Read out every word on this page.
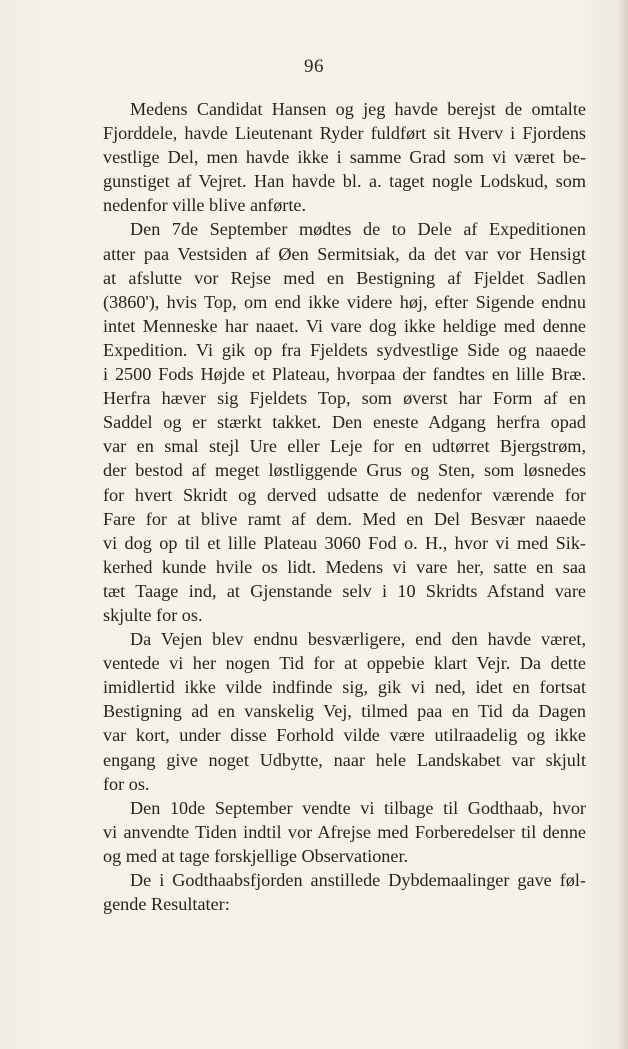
96

Medens Candidat Hansen og jeg havde berejst de omtalte
Fjorddele, havde Lieutenant Ryder fuldført sit Hverv i Fjordens
vestlige Del, men havde ikke i samme Grad som vi været be-
gunstiget af Vejret. Han havde bl. a. taget nogle Lodskud, som
nedenfor ville blive anførte.

Den 7de September mødtes de to Dele af Expeditionen
atter paa Vestsiden af Øen Sermitsiak, da det var vor Hensigt
at afslutte vor Rejse med en Bestigning af Fjeldet Sadlen
(3860'), hvis Top, om end ikke videre høj, efter Sigende endnu
intet Menneske har naaet. Vi vare dog ikke heldige med denne
Expedition. Vi gik op fra Fjeldets sydvestlige Side og naaede
i 2500 Fods Højde et Plateau, hvorpaa der fandtes en lille Bræ.
Herfra hæver sig Fjeldets Top, som øverst har Form af en
Saddel og er stærkt takket. Den eneste Adgang herfra opad
var en smal stejl Ure eller Leje for en udtørret Bjergstrøm,
der bestod af meget løstliggende Grus og Sten, som løsnedes
for hvert Skridt og derved udsatte de nedenfor værende for
Fare for at blive ramt af dem. Med en Del Besvær naaede
vi dog op til et lille Plateau 3060 Fod o. H., hvor vi med Sik-
kerhed kunde hvile os lidt. Medens vi vare her, satte en saa
tæt Taage ind, at Gjenstande selv i 10 Skridts Afstand vare
skjulte for os.

Da Vejen blev endnu besværligere, end den havde været,
ventede vi her nogen Tid for at oppebie klart Vejr. Da dette
imidlertid ikke vilde indfinde sig, gik vi ned, idet en fortsat
Bestigning ad en vanskelig Vej, tilmed paa en Tid da Dagen
var kort, under disse Forhold vilde være utilraadelig og ikke
engang give noget Udbytte, naar hele Landskabet var skjult
for os.

Den 10de September vendte vi tilbage til Godthaab, hvor
vi anvendte Tiden indtil vor Afrejse med Forberedelser til denne
og med at tage forskjellige Observationer.

De i Godthaabsfjorden anstillede Dybdemaalinger gave føl-
gende Resultater:
